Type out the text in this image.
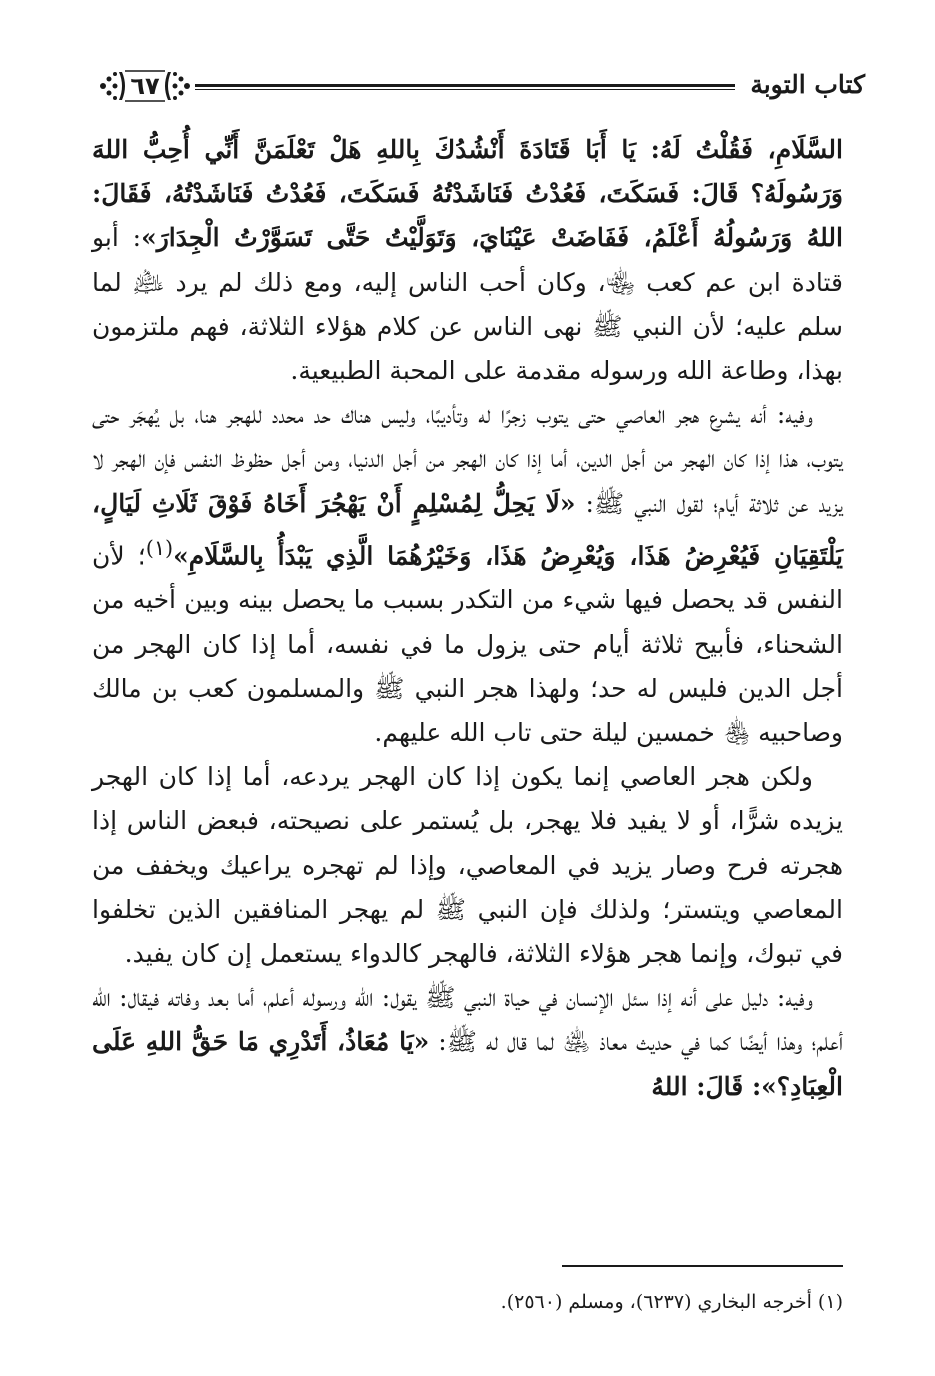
٦٧	كتاب التوبة

السَّلَامِ، فَقُلْتُ لَهُ: يَا أَبَا قَتَادَةَ أَنْشُدُكَ بِاللهِ هَلْ تَعْلَمَنَّ أَنِّي أُحِبُّ اللهَ وَرَسُولَهُ؟ قَالَ: فَسَكَتَ، فَعُدْتُ فَنَاشَدْتُهُ فَسَكَتَ، فَعُدْتُ فَنَاشَدْتُهُ، فَقَالَ: اللهُ وَرَسُولُهُ أَعْلَمُ، فَفَاضَتْ عَيْنَايَ، وَتَوَلَّيْتُ حَتَّى تَسَوَّرْتُ الْجِدَارَ»: أبو قتادة ابن عم كعب ﵄، وكان أحب الناس إليه، ومع ذلك لم يرد ﵇ لما سلم عليه؛ لأن النبي ﷺ نهى الناس عن كلام هؤلاء الثلاثة، فهم ملتزمون بهذا، وطاعة الله ورسوله مقدمة على المحبة الطبيعية.

وفيه: أنه يشرع هجر العاصي حتى يتوب زجرًا له وتأديبًا، وليس هناك حد محدد للهجر هنا، بل يُهجَر حتى يتوب، هذا إذا كان الهجر من أجل الدين، أما إذا كان الهجر من أجل الدنيا، ومن أجل حظوظ النفس فإن الهجر لا يزيد عن ثلاثة أيام؛ لقول النبي ﷺ: «لَا يَحِلُّ لِمُسْلِمٍ أَنْ يَهْجُرَ أَخَاهُ فَوْقَ ثَلَاثِ لَيَالٍ، يَلْتَقِيَانِ فَيُعْرِضُ هَذَا، وَيُعْرِضُ هَذَا، وَخَيْرُهُمَا الَّذِي يَبْدَأُ بِالسَّلَامِ»$^{(١)}$؛ لأن النفس قد يحصل فيها شيء من التكدر بسبب ما يحصل بينه وبين أخيه من الشحناء، فأبيح ثلاثة أيام حتى يزول ما في نفسه، أما إذا كان الهجر من أجل الدين فليس له حد؛ ولهذا هجر النبي ﷺ والمسلمون كعب بن مالك وصاحبيه ﵃ خمسين ليلة حتى تاب الله عليهم.

ولكن هجر العاصي إنما يكون إذا كان الهجر يردعه، أما إذا كان الهجر يزيده شرًّا، أو لا يفيد فلا يهجر، بل يُستمر على نصيحته، فبعض الناس إذا هجرته فرح وصار يزيد في المعاصي، وإذا لم تهجره يراعيك ويخفف من المعاصي ويتستر؛ ولذلك فإن النبي ﷺ لم يهجر المنافقين الذين تخلفوا في تبوك، وإنما هجر هؤلاء الثلاثة، فالهجر كالدواء يستعمل إن كان يفيد.

وفيه: دليل على أنه إذا سئل الإنسان في حياة النبي ﷺ يقول: الله ورسوله أعلم، أما بعد وفاته فيقال: الله أعلم؛ وهذا أيضًا كما في حديث معاذ ﵁ لما قال له ﷺ: «يَا مُعَاذُ، أَتَدْرِي مَا حَقُّ اللهِ عَلَى الْعِبَادِ؟»: قَالَ: اللهُ

(١) أخرجه البخاري (٦٢٣٧)، ومسلم (٢٥٦٠).
